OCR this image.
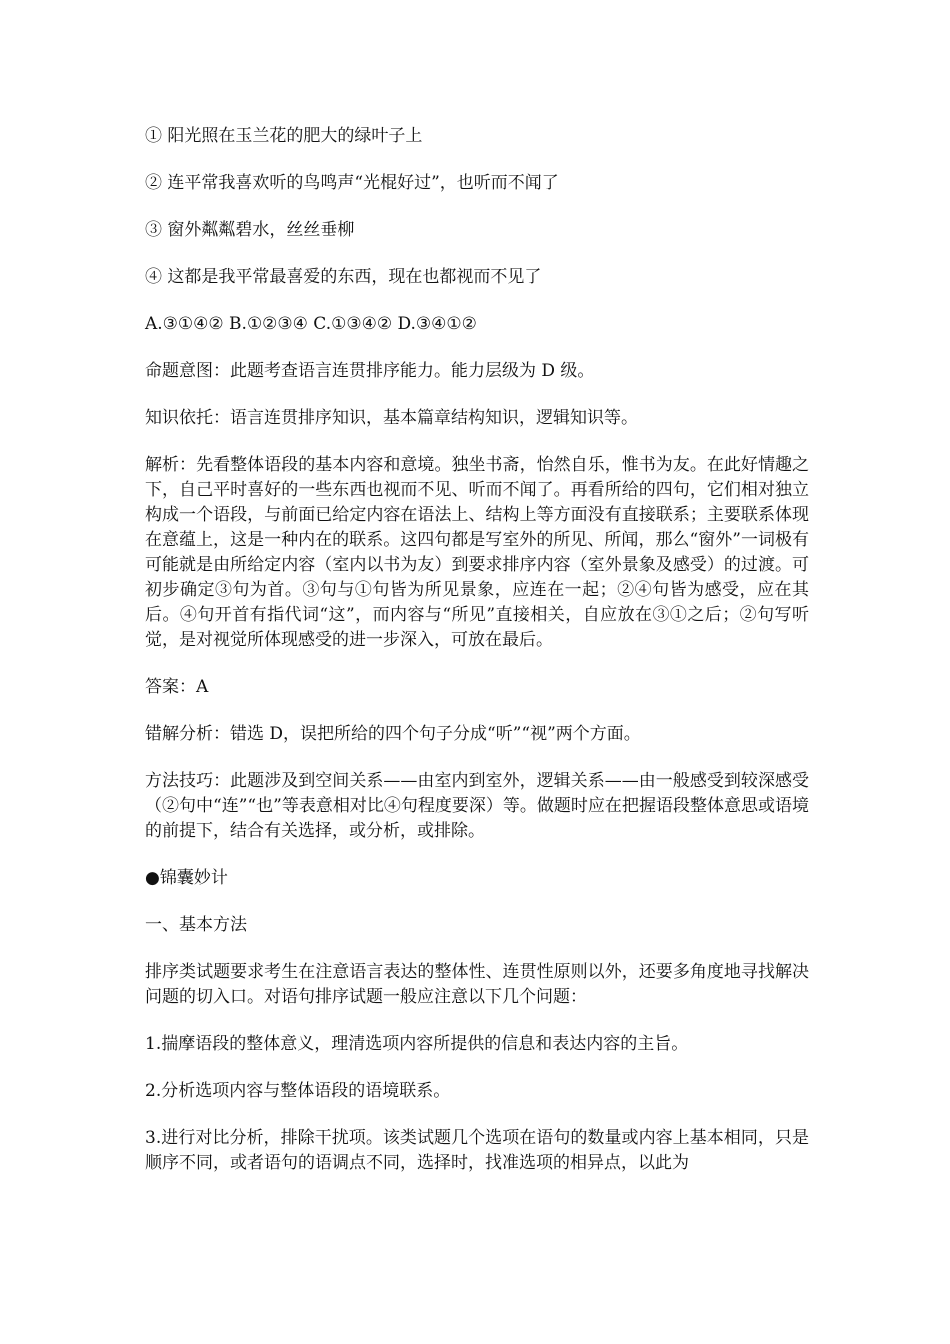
① 阳光照在玉兰花的肥大的绿叶子上

② 连平常我喜欢听的鸟鸣声“光棍好过”，也听而不闻了

③ 窗外粼粼碧水，丝丝垂柳

④ 这都是我平常最喜爱的东西，现在也都视而不见了

A.③①④② B.①②③④ C.①③④② D.③④①②

命题意图：此题考查语言连贯排序能力。能力层级为 D 级。

知识依托：语言连贯排序知识，基本篇章结构知识，逻辑知识等。

解析：先看整体语段的基本内容和意境。独坐书斋，怡然自乐，惟书为友。在此好情趣之下，自己平时喜好的一些东西也视而不见、听而不闻了。再看所给的四句，它们相对独立构成一个语段，与前面已给定内容在语法上、结构上等方面没有直接联系；主要联系体现在意蕴上，这是一种内在的联系。这四句都是写室外的所见、所闻，那么“窗外”一词极有可能就是由所给定内容（室内以书为友）到要求排序内容（室外景象及感受）的过渡。可初步确定③句为首。③句与①句皆为所见景象，应连在一起；②④句皆为感受，应在其后。④句开首有指代词“这”，而内容与“所见”直接相关，自应放在③①之后；②句写听觉，是对视觉所体现感受的进一步深入，可放在最后。

答案：A

错解分析：错选 D，误把所给的四个句子分成“听”“视”两个方面。

方法技巧：此题涉及到空间关系——由室内到室外，逻辑关系——由一般感受到较深感受（②句中“连”“也”等表意相对比④句程度要深）等。做题时应在把握语段整体意思或语境的前提下，结合有关选择，或分析，或排除。

●锦囊妙计

一、基本方法

排序类试题要求考生在注意语言表达的整体性、连贯性原则以外，还要多角度地寻找解决问题的切入口。对语句排序试题一般应注意以下几个问题：

1.揣摩语段的整体意义，理清选项内容所提供的信息和表达内容的主旨。

2.分析选项内容与整体语段的语境联系。

3.进行对比分析，排除干扰项。该类试题几个选项在语句的数量或内容上基本相同，只是顺序不同，或者语句的语调点不同，选择时，找准选项的相异点，以此为
